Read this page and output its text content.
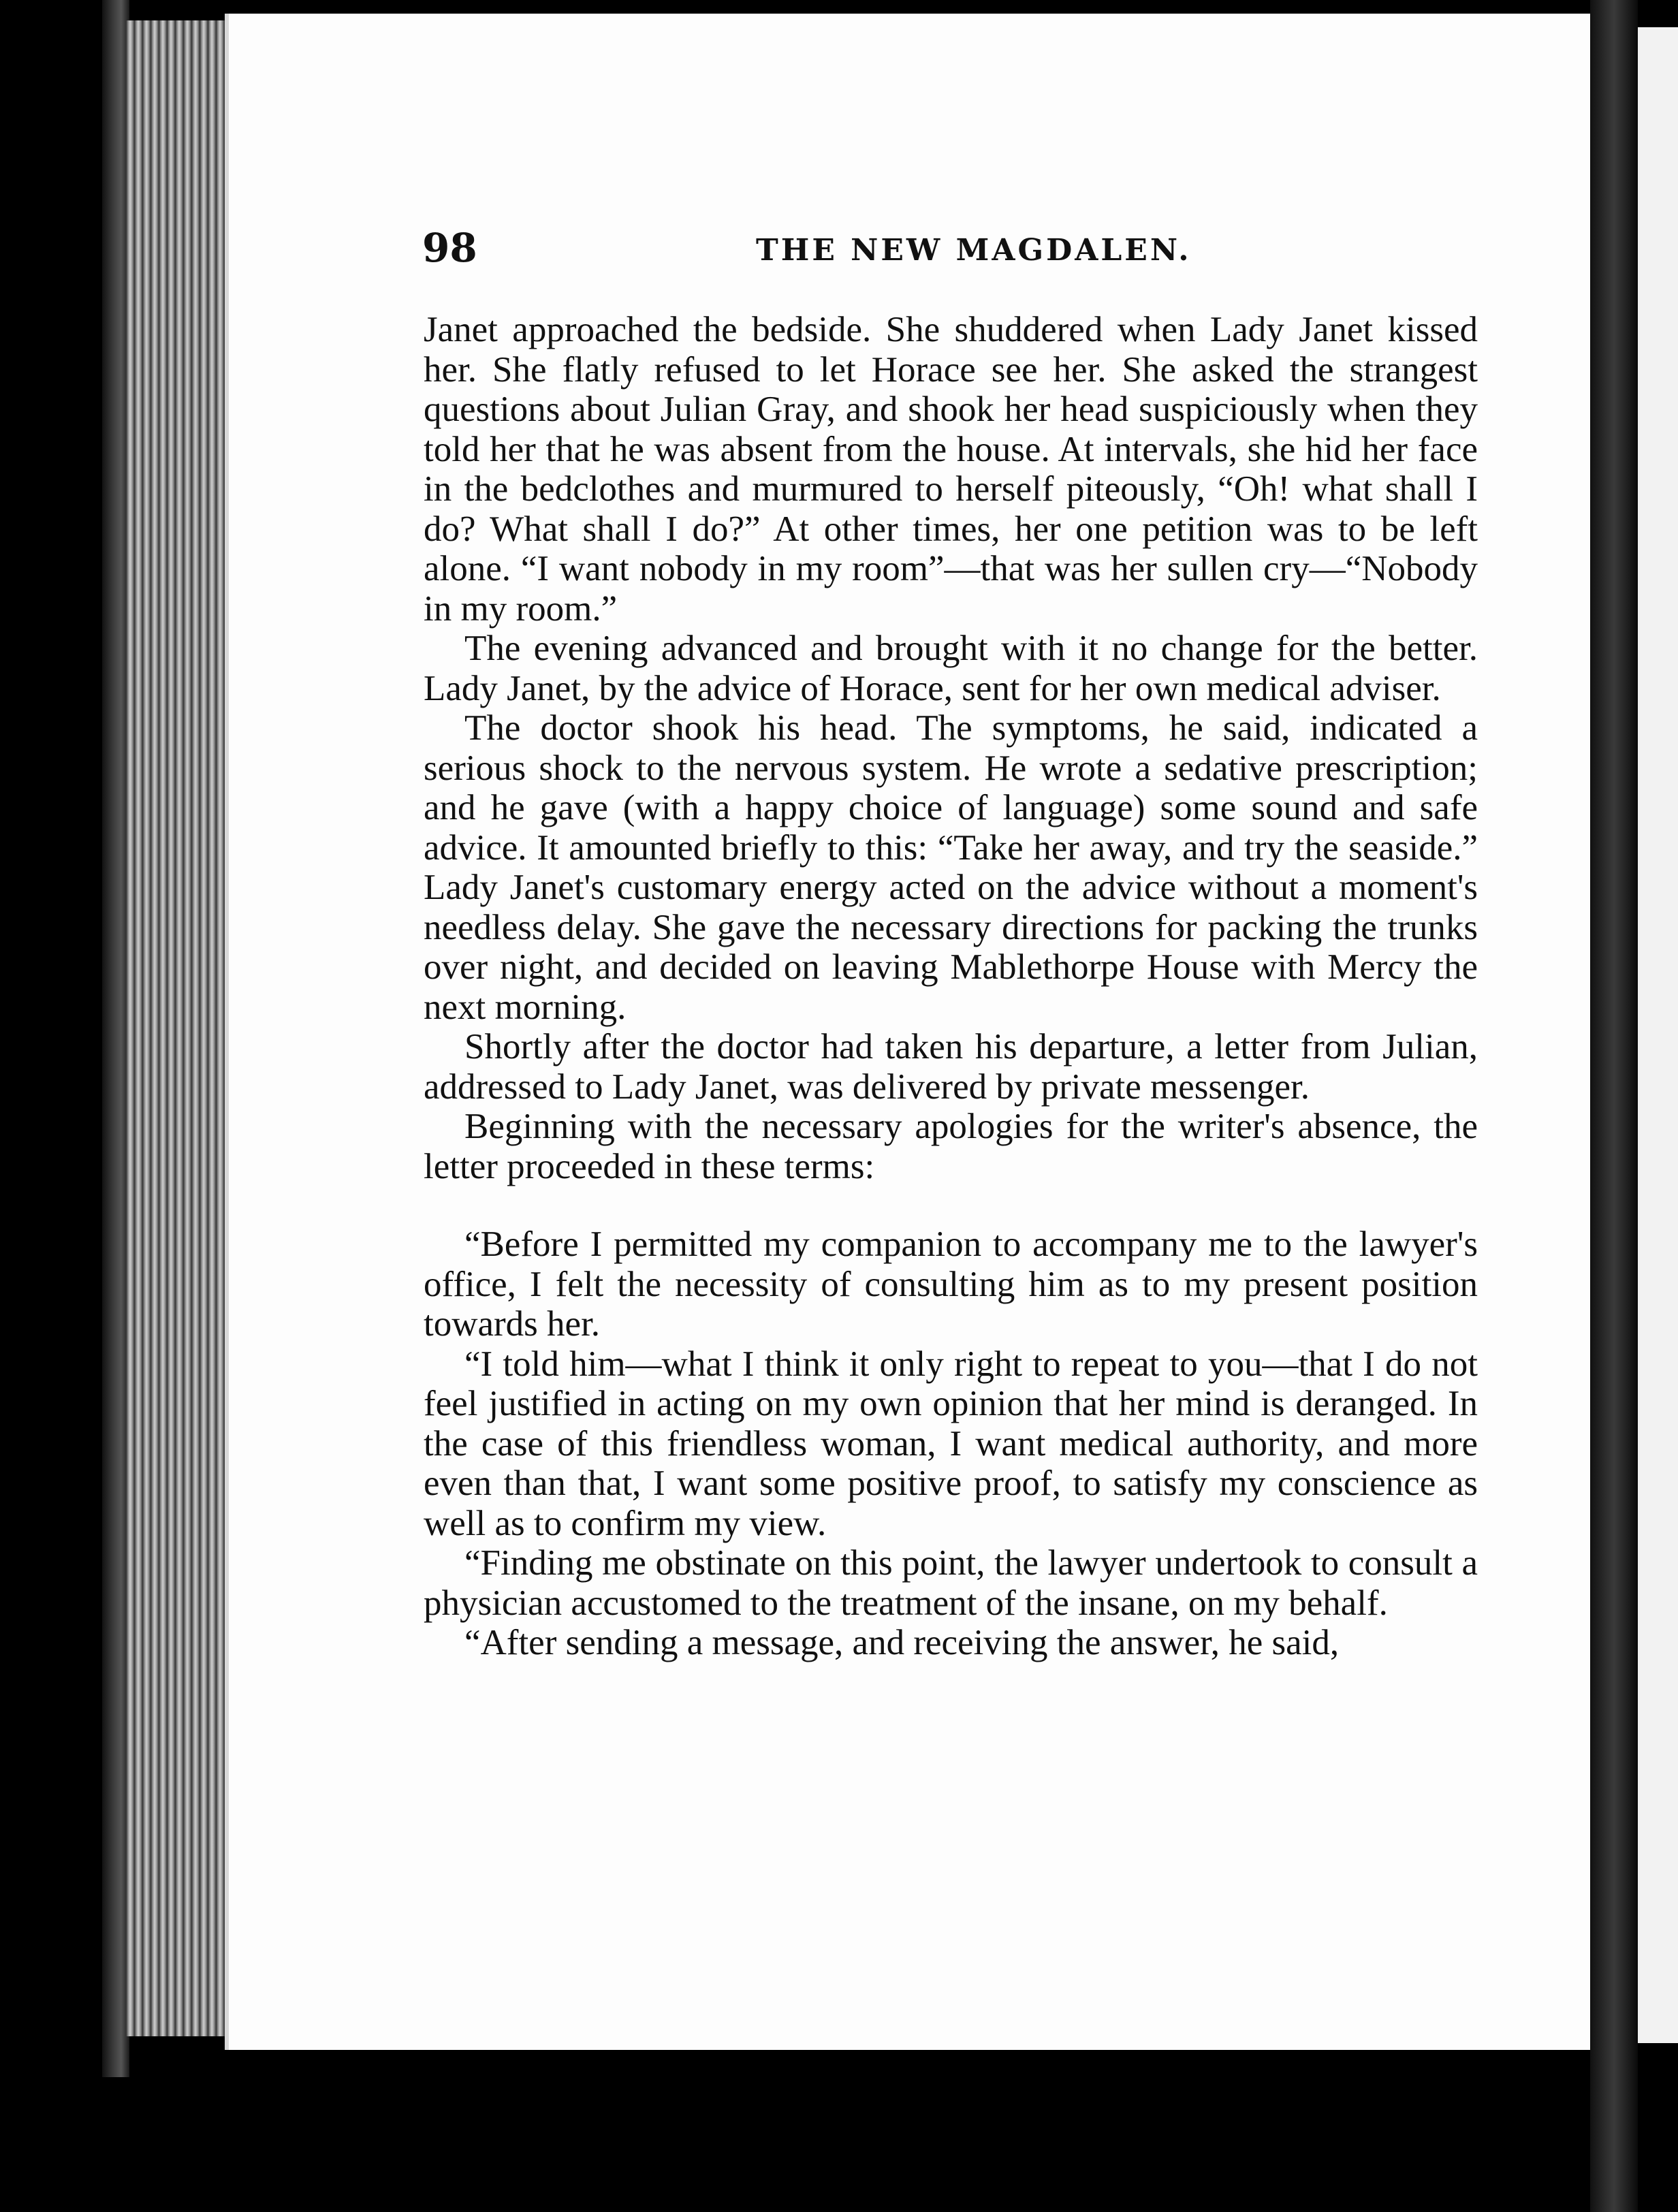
98	THE NEW MAGDALEN.

Janet approached the bedside. She shuddered when Lady Janet kissed her. She flatly refused to let Horace see her. She asked the strangest questions about Julian Gray, and shook her head suspiciously when they told her that he was absent from the house. At intervals, she hid her face in the bedclothes and murmured to herself piteously, “Oh! what shall I do? What shall I do?” At other times, her one petition was to be left alone. “I want nobody in my room”—that was her sullen cry—“Nobody in my room.”

The evening advanced and brought with it no change for the better. Lady Janet, by the advice of Horace, sent for her own medical adviser.

The doctor shook his head. The symptoms, he said, indicated a serious shock to the nervous system. He wrote a sedative prescription; and he gave (with a happy choice of language) some sound and safe advice. It amounted briefly to this: “Take her away, and try the seaside.” Lady Janet's customary energy acted on the advice without a moment's needless delay. She gave the necessary directions for packing the trunks over night, and decided on leaving Mablethorpe House with Mercy the next morning.

Shortly after the doctor had taken his departure, a letter from Julian, addressed to Lady Janet, was delivered by private messenger.

Beginning with the necessary apologies for the writer's absence, the letter proceeded in these terms:

“Before I permitted my companion to accompany me to the lawyer's office, I felt the necessity of consulting him as to my present position towards her.

“I told him—what I think it only right to repeat to you—that I do not feel justified in acting on my own opinion that her mind is deranged. In the case of this friendless woman, I want medical authority, and more even than that, I want some positive proof, to satisfy my conscience as well as to confirm my view.

“Finding me obstinate on this point, the lawyer undertook to consult a physician accustomed to the treatment of the insane, on my behalf.

“After sending a message, and receiving the answer, he said,
